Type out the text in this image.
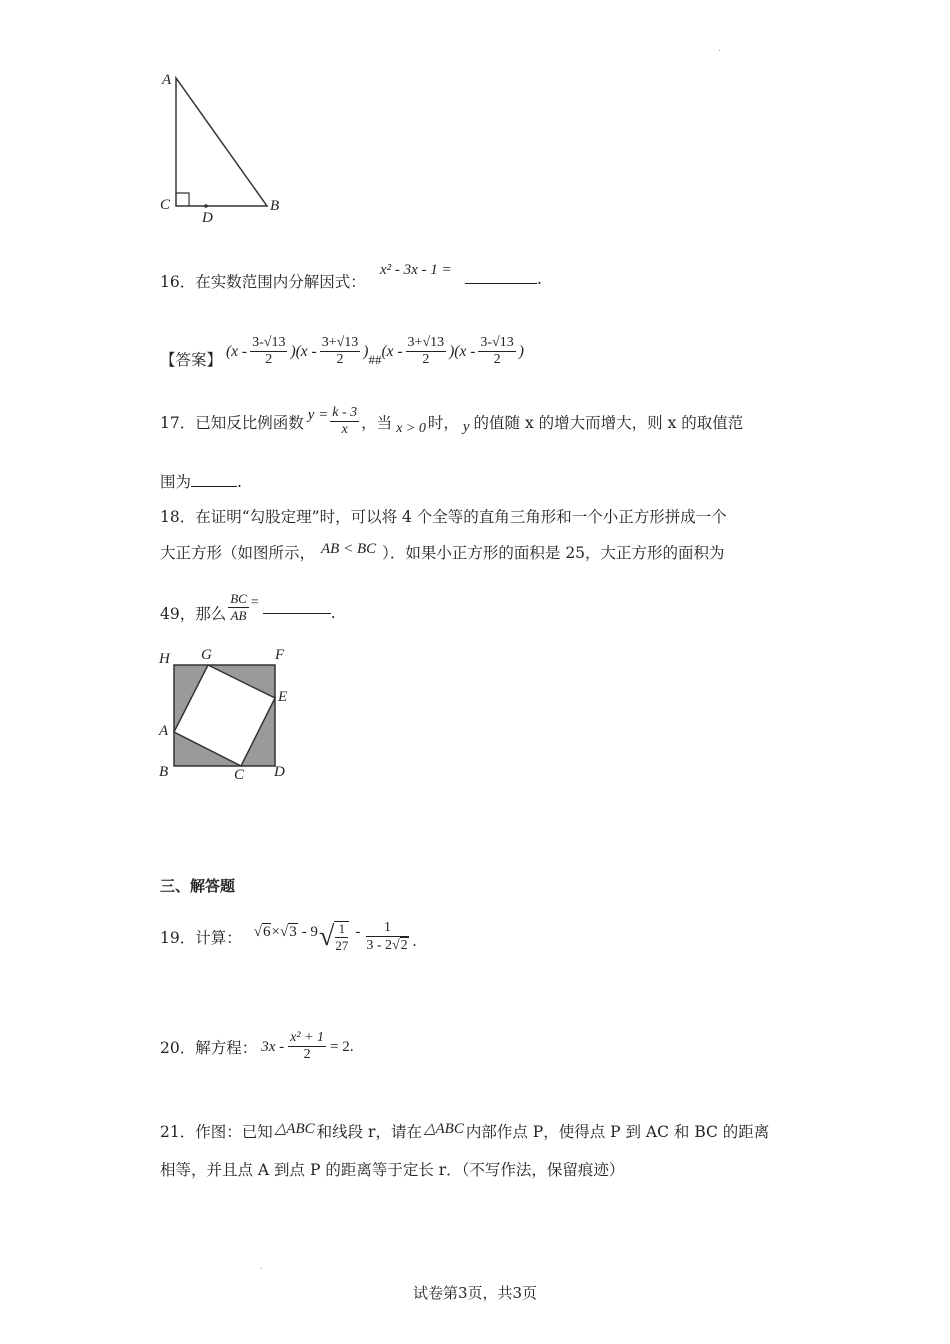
.
.
A
C
D
B
16．在实数范围内分解因式：
x² - 3x - 1 =	.
【答案】 $(x - \frac{3-√13}{2} )(x - \frac{3+√13}{2}$ ) ## $(x - \frac{3+√13}{2} )(x - \frac{3-√13}{2}$ )
17． 已知反比例函数 $y = \frac{k - 3}{x}$ ，当 x > 0 时， y 的值随 x 的增大而增大，则 x 的取值范
围为	.
18．在证明“勾股定理”时，可以将 4 个全等的直角三角形和一个小正方形拼成一个
大正方形（如图所示， AB < BC ）．如果小正方形的面积是 25，大正方形的面积为
49，那么 $\frac{BC}{AB}$ =
.
H G	F
E
A
B	C D
三、解答题
19． 计算： √6 × √3 - 9 √ $\frac{1}{27} - \frac{1}{3 - 2√2}$ .
20． 解方程： $3x - \frac{\text{x² + 1}}{2} = 2$ .
21． 作图：已知 △ABC 和线段 r，请在 △ABC 内部作点 P，使得点 P 到 AC 和 BC 的距离
相等，并且点 A 到点 P 的距离等于定长 r．（不写作法，保留痕迹）
试卷第3页，共3页
